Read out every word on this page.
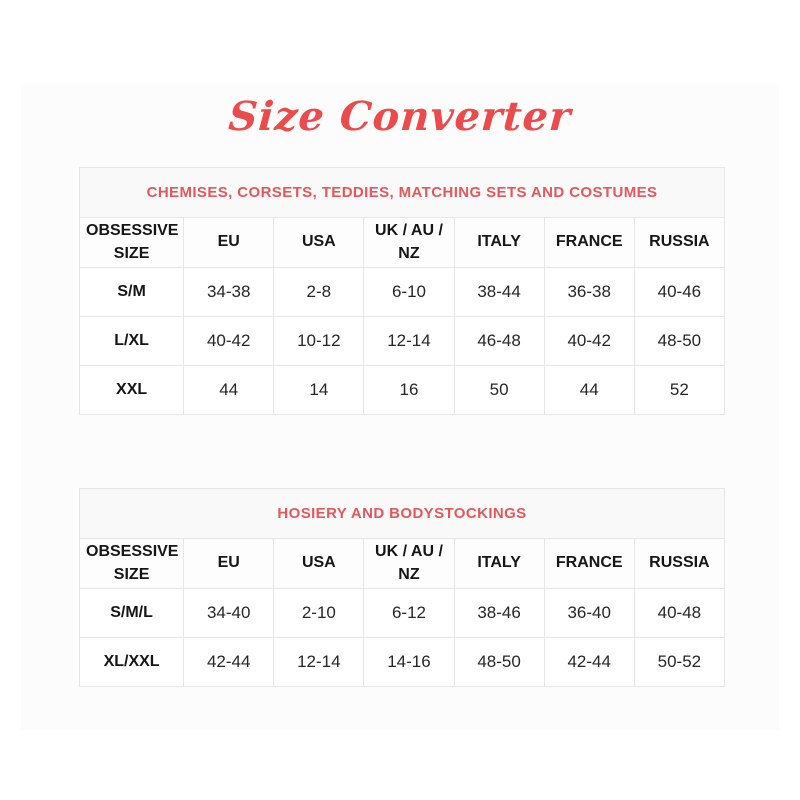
Size Converter
CHEMISES, CORSETS, TEDDIES, MATCHING SETS AND COSTUMES						
OBSESSIVE SIZE	EU	USA	UK / AU / NZ	ITALY	FRANCE	RUSSIA
S/M	34-38	2-8	6-10	38-44	36-38	40-46
L/XL	40-42	10-12	12-14	46-48	40-42	48-50
XXL	44	14	16	50	44	52
HOSIERY AND BODYSTOCKINGS						
OBSESSIVE SIZE	EU	USA	UK / AU / NZ	ITALY	FRANCE	RUSSIA
S/M/L	34-40	2-10	6-12	38-46	36-40	40-48
XL/XXL	42-44	12-14	14-16	48-50	42-44	50-52
